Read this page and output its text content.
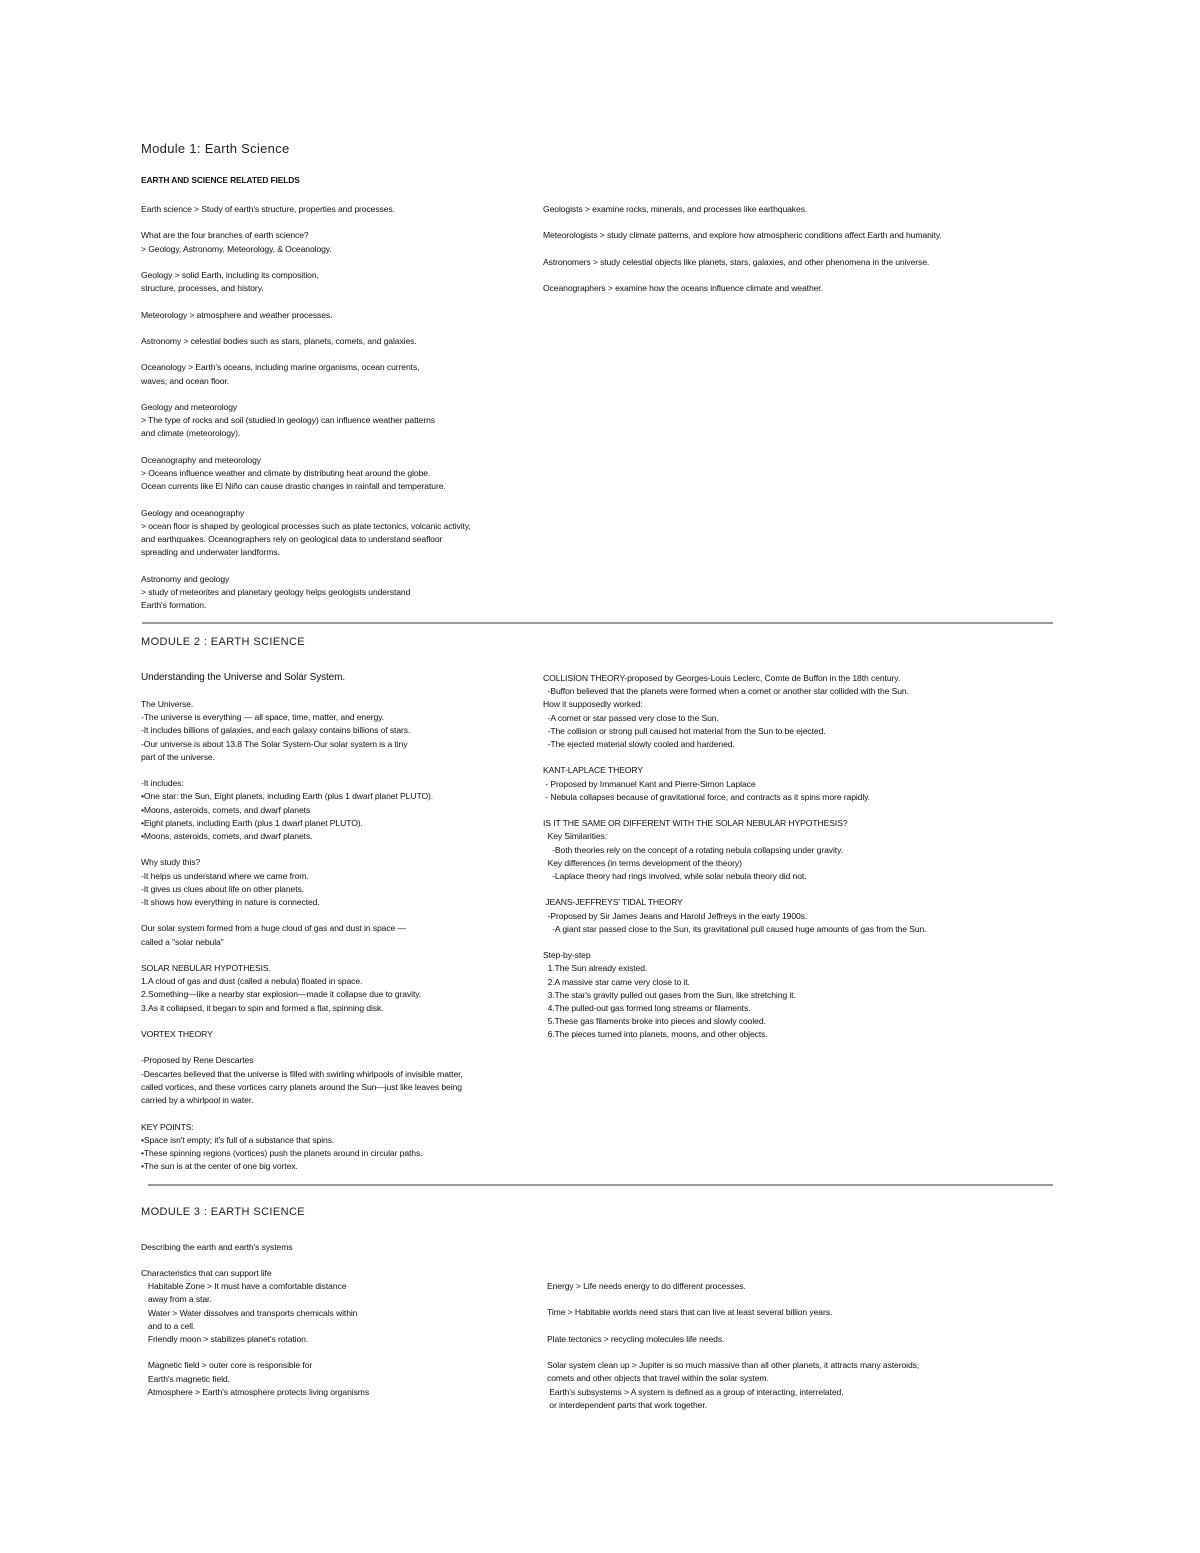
Module 1: Earth Science
EARTH AND SCIENCE RELATED FIELDS
Earth science > Study of earth's structure, properties and processes.

What are the four branches of earth science?
> Geology, Astronomy, Meteorology, & Oceanology.

Geology > solid Earth, including its composition,
structure, processes, and history.

Meteorology > atmosphere and weather processes.

Astronomy > celestial bodies such as stars, planets, comets, and galaxies.

Oceanology > Earth's oceans, including marine organisms, ocean currents,
waves, and ocean floor.

Geology and meteorology
> The type of rocks and soil (studied in geology) can influence weather patterns
and climate (meteorology).

Oceanography and meteorology
> Oceans influence weather and climate by distributing heat around the globe.
Ocean currents like El Niño can cause drastic changes in rainfall and temperature.

Geology and oceanography
> ocean floor is shaped by geological processes such as plate tectonics, volcanic activity,
and earthquakes. Oceanographers rely on geological data to understand seafloor
spreading and underwater landforms.

Astronomy and geology
> study of meteorites and planetary geology helps geologists understand
Earth's formation.
Geologists > examine rocks, minerals, and processes like earthquakes.

Meteorologists > study climate patterns, and explore how atmospheric conditions affect Earth and humanity.

Astronomers > study celestial objects like planets, stars, galaxies, and other phenomena in the universe.

Oceanographers > examine how the oceans influence climate and weather.
MODULE 2 : EARTH SCIENCE
Understanding the Universe and Solar System.
The Universe.
-The universe is everything — all space, time, matter, and energy.
-It includes billions of galaxies, and each galaxy contains billions of stars.
-Our universe is about 13.8 The Solar System-Our solar system is a tiny
part of the universe.

-It includes:
•One star: the Sun, Eight planets, including Earth (plus 1 dwarf planet PLUTO).
•Moons, asteroids, comets, and dwarf planets
•Eight planets, including Earth (plus 1 dwarf planet PLUTO).
•Moons, asteroids, comets, and dwarf planets.

Why study this?
-It helps us understand where we came from.
-It gives us clues about life on other planets.
-It shows how everything in nature is connected.

Our solar system formed from a huge cloud of gas and dust in space —
called a "solar nebula"

SOLAR NEBULAR HYPOTHESIS.
1.A cloud of gas and dust (called a nebula) floated in space.
2.Something—like a nearby star explosion—made it collapse due to gravity.
3.As it collapsed, it began to spin and formed a flat, spinning disk.

VORTEX THEORY

-Proposed by Rene Descartes
-Descartes believed that the universe is filled with swirling whirlpools of invisible matter,
called vortices, and these vortices carry planets around the Sun—just like leaves being
carried by a whirlpool in water.

KEY POINTS:
•Space isn't empty; it's full of a substance that spins.
•These spinning regions (vortices) push the planets around in circular paths.
•The sun is at the center of one big vortex.
COLLISION THEORY-proposed by Georges-Louis Leclerc, Comte de Buffon in the 18th century.
-Buffon believed that the planets were formed when a comet or another star collided with the Sun.
How it supposedly worked:
-A comet or star passed very close to the Sun.
-The collision or strong pull caused hot material from the Sun to be ejected.
-The ejected material slowly cooled and hardened.

KANT-LAPLACE THEORY
- Proposed by Immanuel Kant and Pierre-Simon Laplace
- Nebula collapses because of gravitational force, and contracts as it spins more rapidly.

IS IT THE SAME OR DIFFERENT WITH THE SOLAR NEBULAR HYPOTHESIS?
Key Similarities:
-Both theories rely on the concept of a rotating nebula collapsing under gravity.
Key differences (in terms development of the theory)
-Laplace theory had rings involved, while solar nebula theory did not.

JEANS-JEFFREYS' TIDAL THEORY
-Proposed by Sir James Jeans and Harold Jeffreys in the early 1900s.
-A giant star passed close to the Sun, its gravitational pull caused huge amounts of gas from the Sun.

Step-by-step
1.The Sun already existed.
2.A massive star came very close to it.
3.The star's gravity pulled out gases from the Sun, like stretching it.
4.The pulled-out gas formed long streams or filaments.
5.These gas filaments broke into pieces and slowly cooled.
6.The pieces turned into planets, moons, and other objects.
MODULE 3 : EARTH SCIENCE
Describing the earth and earth's systems
Characteristics that can support life
Habitable Zone > It must have a comfortable distance
away from a star.
Water > Water dissolves and transports chemicals within
and to a cell.
Friendly moon > stabilizes planet's rotation.

Magnetic field > outer core is responsible for
Earth's magnetic field.
Atmosphere > Earth's atmosphere protects living organisms
Energy > Life needs energy to do different processes.

Time > Habitable worlds need stars that can live at least several billion years.

Plate tectonics > recycling molecules life needs.

Solar system clean up > Jupiter is so much massive than all other planets, it attracts many asteroids,
comets and other objects that travel within the solar system.
Earth's subsystems > A system is defined as a group of interacting, interrelated,
or interdependent parts that work together.
